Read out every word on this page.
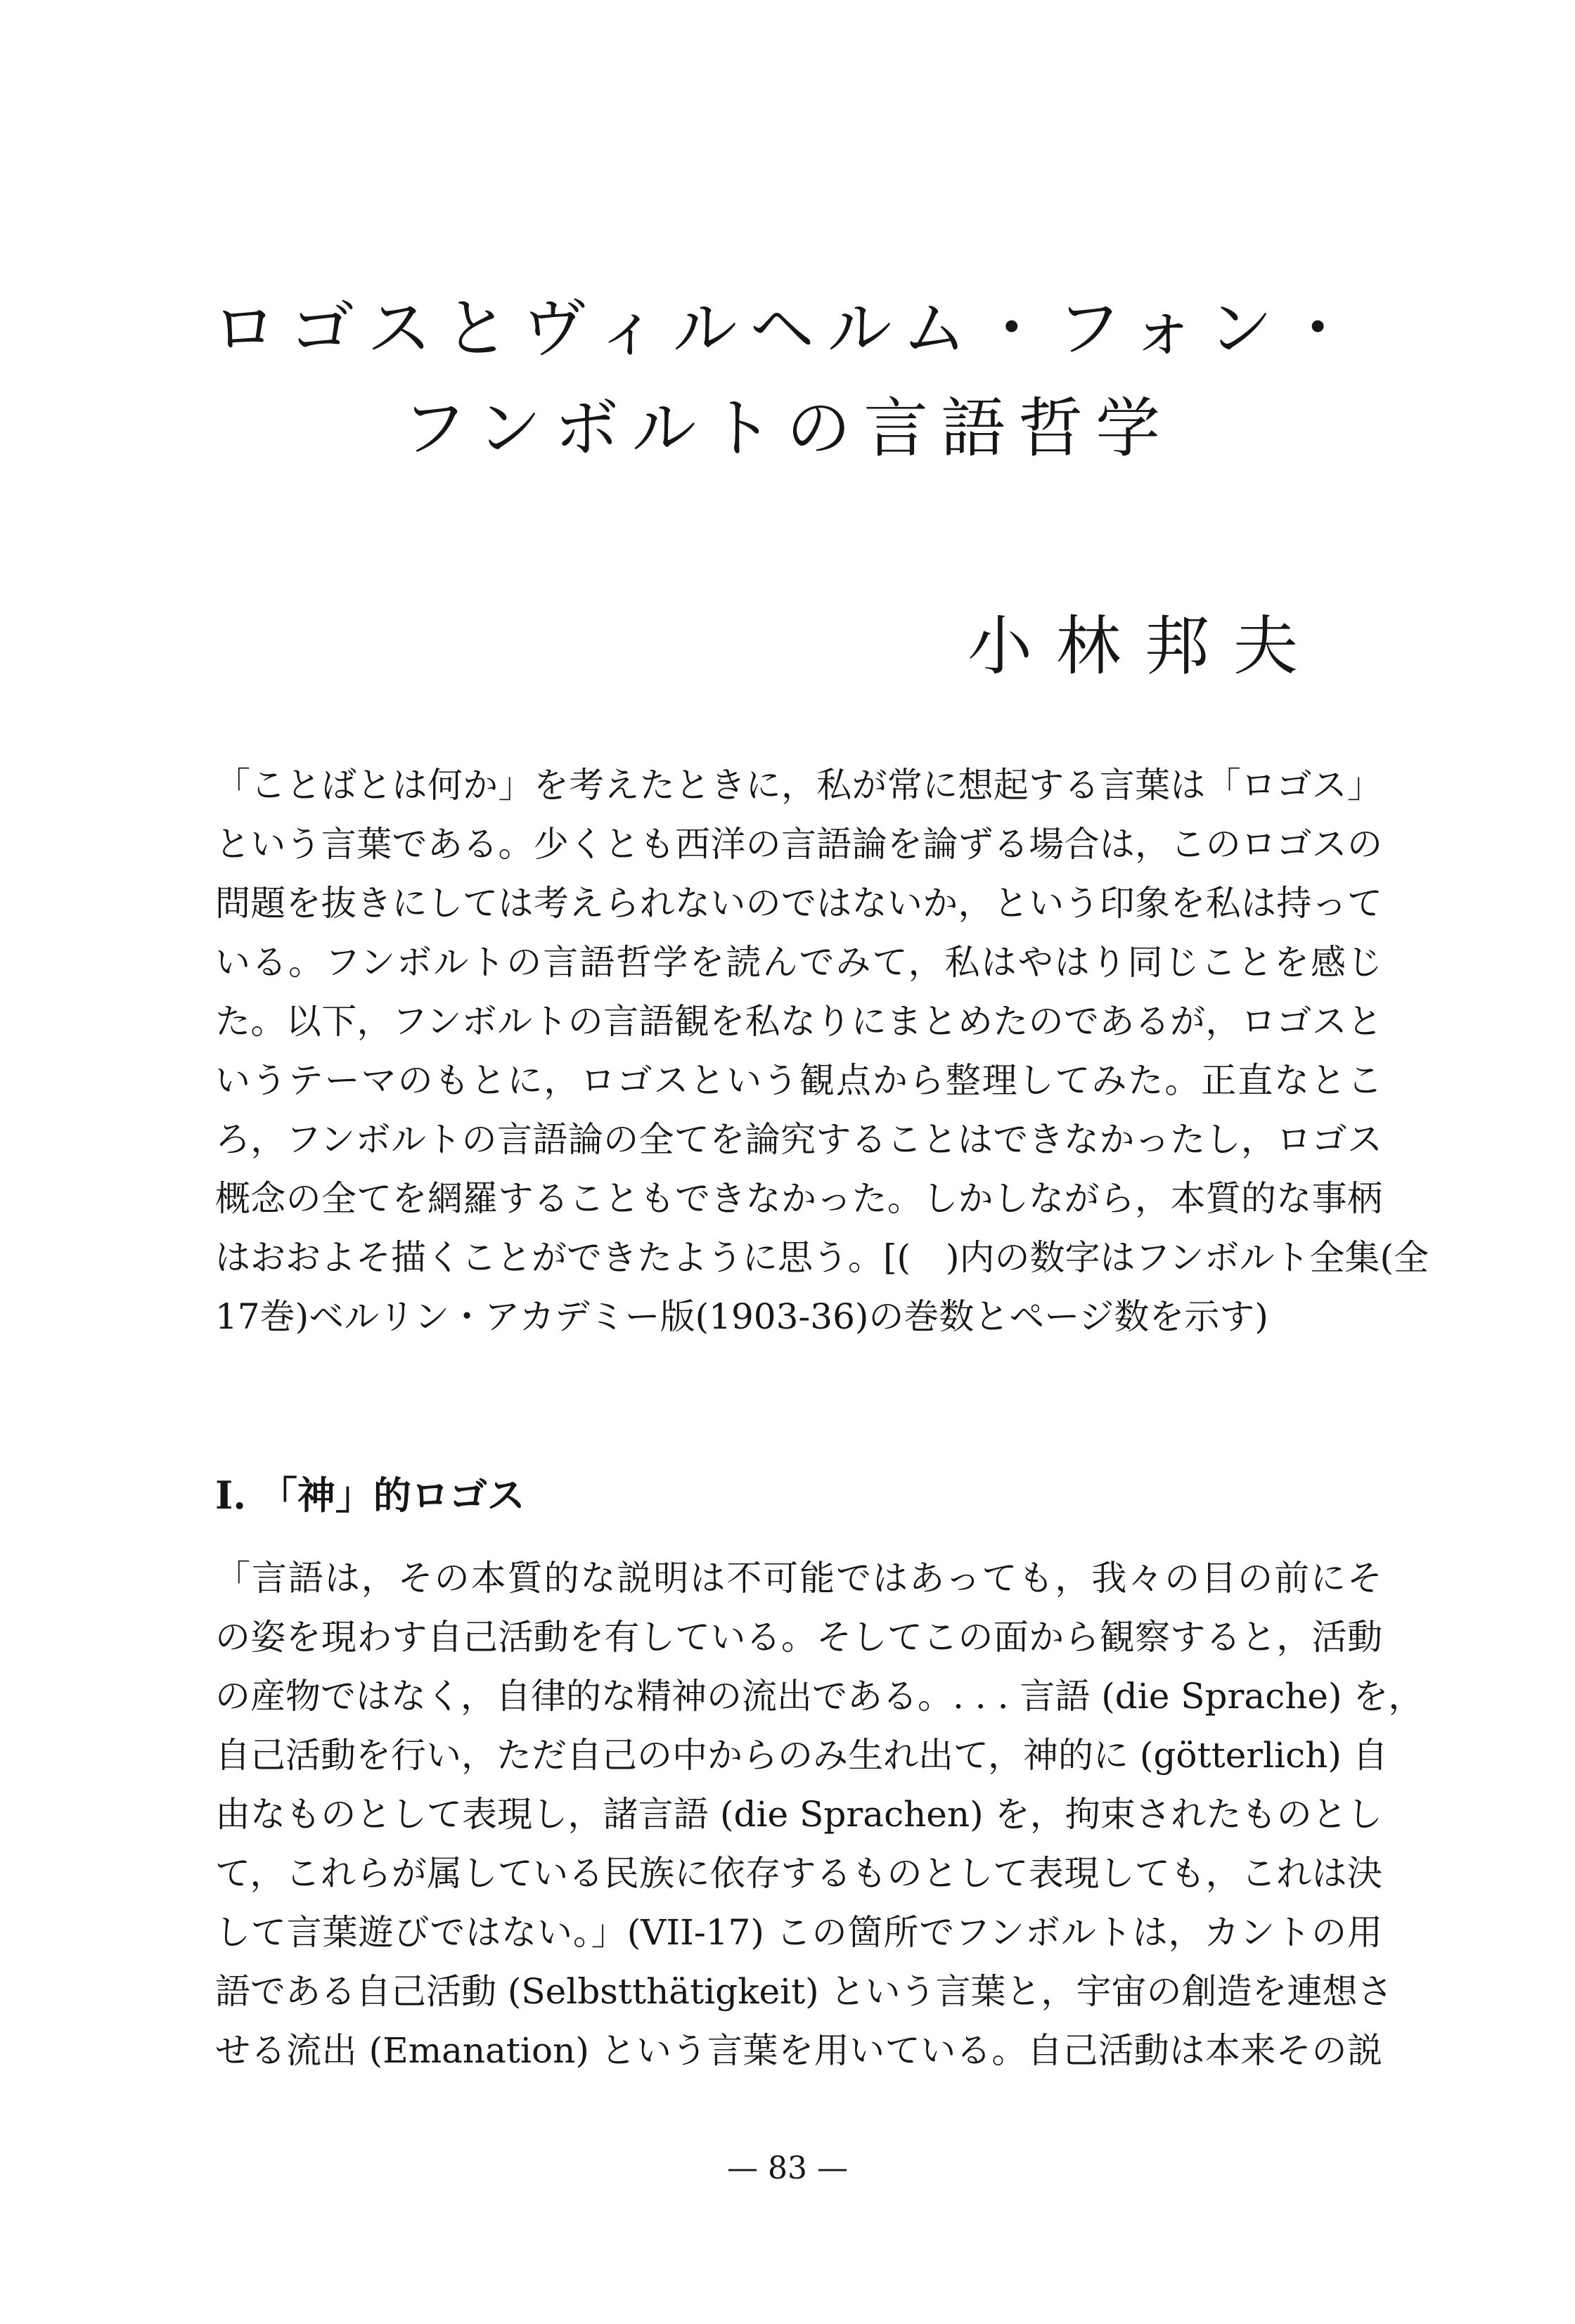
ロゴスとヴィルヘルム・フォン・
フンボルトの言語哲学
小林邦夫
「ことばとは何か」を考えたときに，私が常に想起する言葉は「ロゴス」
という言葉である。少くとも西洋の言語論を論ずる場合は，このロゴスの
問題を抜きにしては考えられないのではないか，という印象を私は持って
いる。フンボルトの言語哲学を読んでみて，私はやはり同じことを感じ
た。以下，フンボルトの言語観を私なりにまとめたのであるが，ロゴスと
いうテーマのもとに，ロゴスという観点から整理してみた。正直なとこ
ろ，フンボルトの言語論の全てを論究することはできなかったし，ロゴス
概念の全てを網羅することもできなかった。しかしながら，本質的な事柄
はおおよそ描くことができたように思う。[(　)内の数字はフンボルト全集(全
17巻)ベルリン・アカデミー版(1903-36)の巻数とページ数を示す)
I. 「神」的ロゴス
「言語は，その本質的な説明は不可能ではあっても，我々の目の前にそ
の姿を現わす自己活動を有している。そしてこの面から観察すると，活動
の産物ではなく，自律的な精神の流出である。. . . 言語 (die Sprache) を，
自己活動を行い，ただ自己の中からのみ生れ出て，神的に (götterlich) 自
由なものとして表現し，諸言語 (die Sprachen) を，拘束されたものとし
て，これらが属している民族に依存するものとして表現しても，これは決
して言葉遊びではない。」(VII-17) この箇所でフンボルトは，カントの用
語である自己活動 (Selbstthätigkeit) という言葉と，宇宙の創造を連想さ
せる流出 (Emanation) という言葉を用いている。自己活動は本来その説
— 83 —
